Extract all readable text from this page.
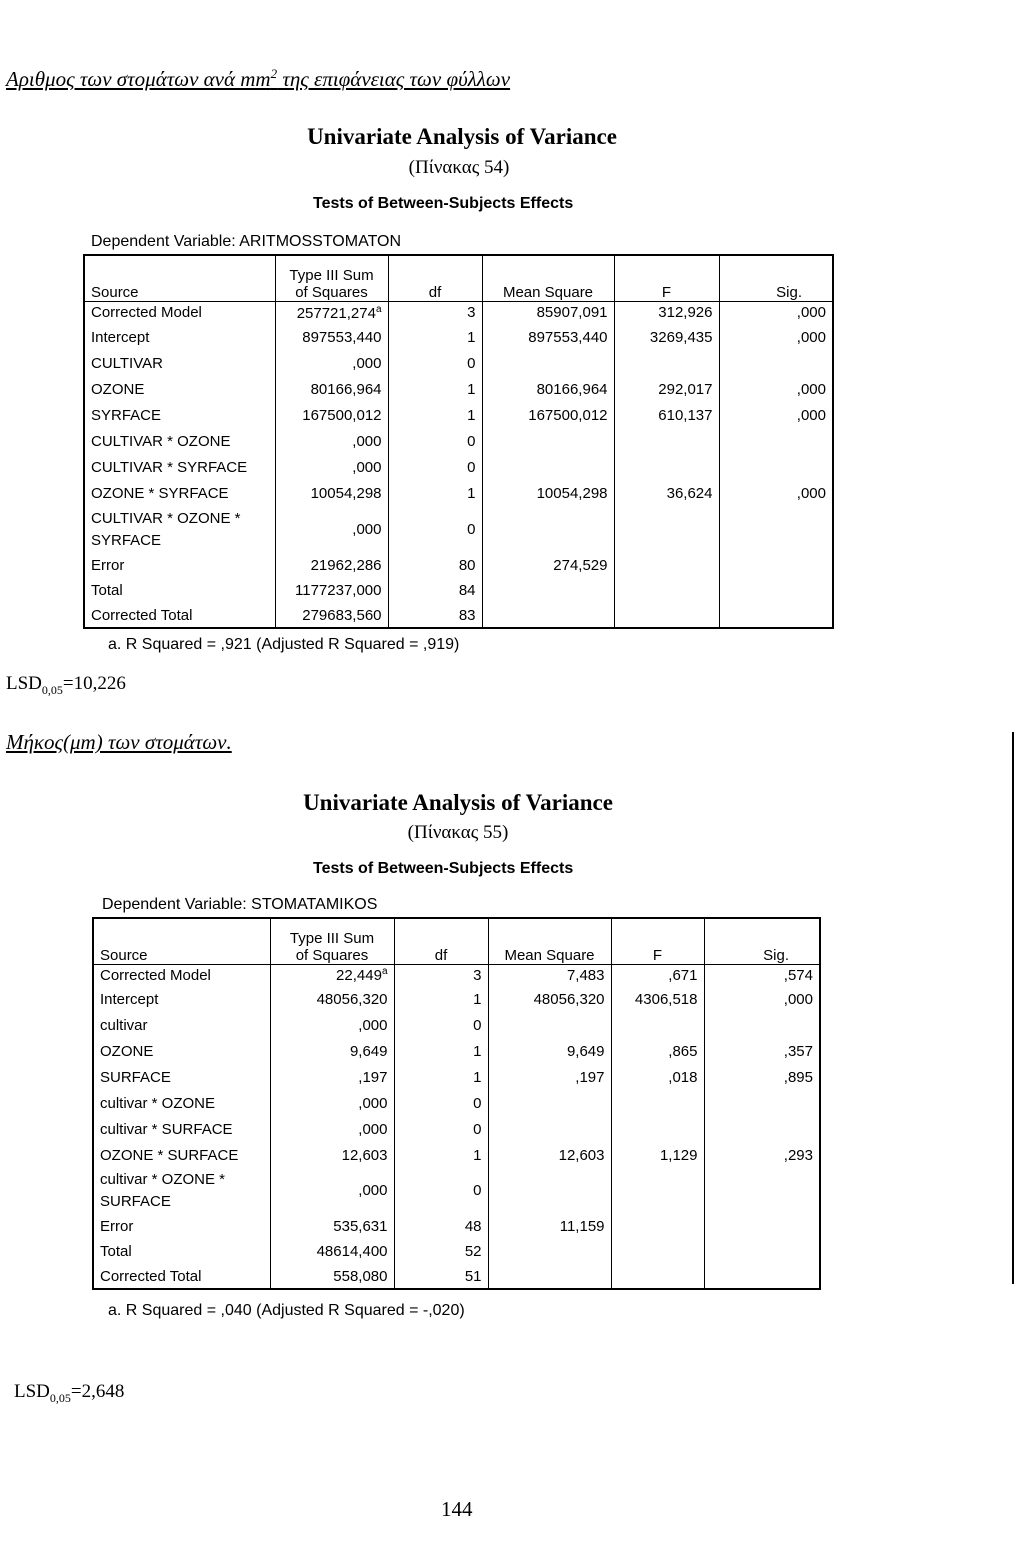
Αριθμος των στομάτων ανά $mm^2$ της επιφάνειας των φύλλων
Univariate Analysis of Variance
(Πίνακας 54)
Tests of Between-Subjects Effects
Dependent Variable: ARITMOSSTOMATON
Source	Type III Sum
of Squares	df	Mean Square	F	Sig.
Corrected Model	257721,274$^a$	3	85907,091	312,926	,000
Intercept	897553,440	1	897553,440	3269,435	,000
CULTIVAR	,000	0			
OZONE	80166,964	1	80166,964	292,017	,000
SYRFACE	167500,012	1	167500,012	610,137	,000
CULTIVAR * OZONE	,000	0			
CULTIVAR * SYRFACE	,000	0			
OZONE * SYRFACE	10054,298	1	10054,298	36,624	,000

CULTIVAR * OZONE *
SYRFACE	,000	0			
Error	21962,286	80	274,529		
Total	1177237,000	84			
Corrected Total	279683,560	83			
a. R Squared = ,921 (Adjusted R Squared = ,919)
$LSD_{0,05}=10,226$
Μήκος(μm) των στομάτων.
Univariate Analysis of Variance
(Πίνακας 55)
Tests of Between-Subjects Effects
Dependent Variable: STOMATAMIKOS
Source	Type III Sum
of Squares	df	Mean Square	F	Sig.
Corrected Model	22,449$^a$	3	7,483	,671	,574
Intercept	48056,320	1	48056,320	4306,518	,000
cultivar	,000	0			
OZONE	9,649	1	9,649	,865	,357
SURFACE	,197	1	,197	,018	,895
cultivar * OZONE	,000	0			
cultivar * SURFACE	,000	0			
OZONE * SURFACE	12,603	1	12,603	1,129	,293

cultivar * OZONE *
SURFACE	,000	0			
Error	535,631	48	11,159		
Total	48614,400	52			
Corrected Total	558,080	51			
a. R Squared = ,040 (Adjusted R Squared = -,020)
$LSD_{0,05}=2,648$
144
